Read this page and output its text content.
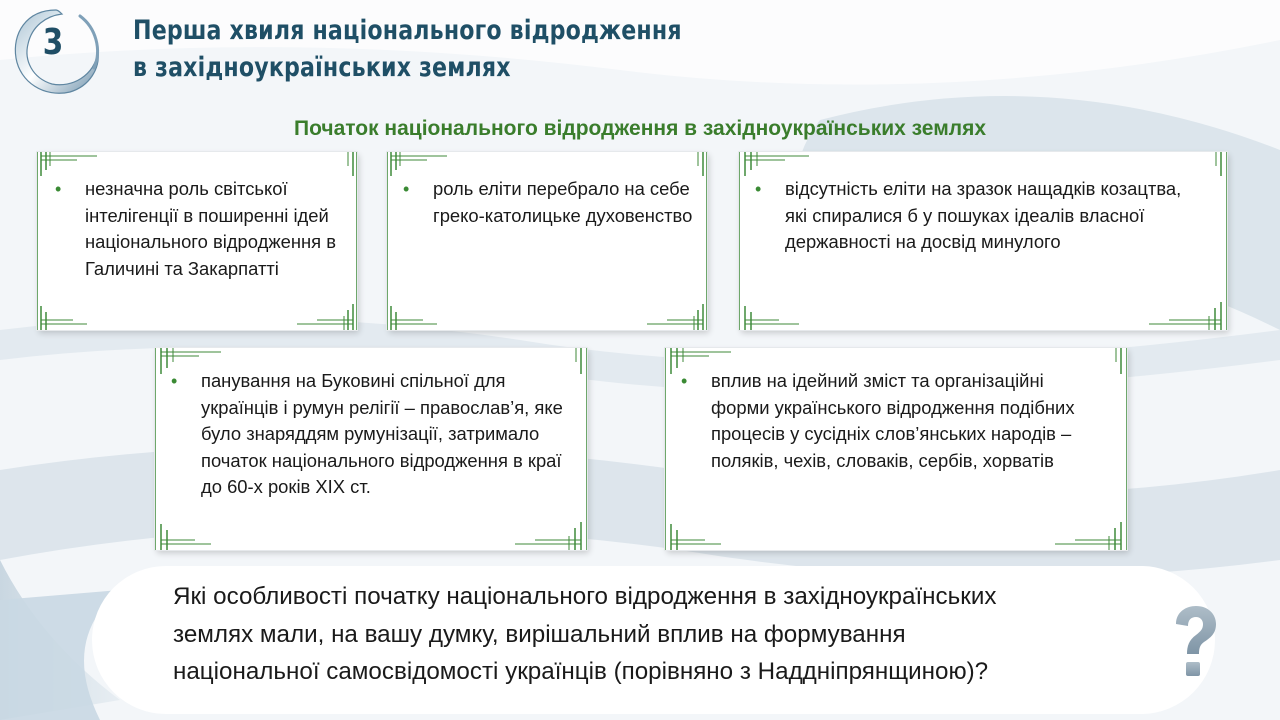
3	Перша хвиля національного відродження
в західноукраїнських землях
Початок національного відродження в західноукраїнських землях
• незначна роль світської інтелігенції в поширенні ідей національного відродження в Галичині та Закарпатті
• роль еліти перебрало на себе греко-католицьке духовенство
• відсутність еліти на зразок нащадків козацтва, які спиралися б у пошуках ідеалів власної державності на досвід минулого
• панування на Буковині спільної для українців і румун релігії – православ’я, яке було знаряддям румунізації, затримало початок національного відродження в краї до 60-х років ХІХ ст.
• вплив на ідейний зміст та організаційні форми українського відродження подібних процесів у сусідніх слов’янських народів – поляків, чехів, словаків, сербів, хорватів

Які особливості початку національного відродження в західноукраїнських
землях мали, на вашу думку, вирішальний вплив на формування
національної самосвідомості українців (порівняно з Наддніпрянщиною)?
